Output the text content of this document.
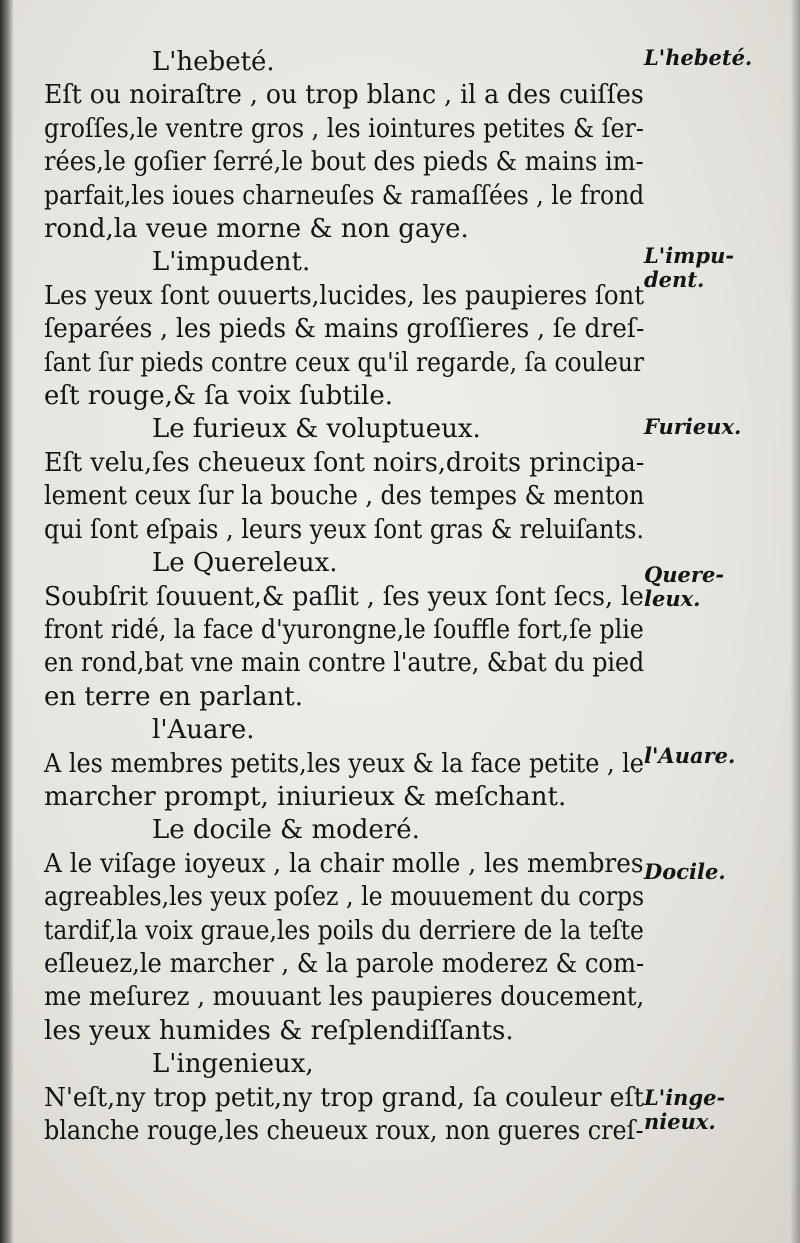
L'hebeté.

Eſt ou noiraſtre , ou trop blanc , il a des cuiſſes
groſſes,le ventre gros , les iointures petites & ſer-
rées,le goſier ſerré,le bout des pieds & mains im-
parfait,les ioues charneuſes & ramaſſées , le frond
rond,la veue morne & non gaye.

L'impudent.

Les yeux ſont ouuerts,lucides, les paupieres ſont
ſeparées , les pieds & mains groſſieres , ſe dreſ-
ſant ſur pieds contre ceux qu'il regarde, ſa couleur
eſt rouge,& ſa voix ſubtile.

Le furieux & voluptueux.

Eſt velu,ſes cheueux ſont noirs,droits principa-
lement ceux ſur la bouche , des tempes & menton
qui ſont eſpais , leurs yeux ſont gras & reluiſants.

Le Quereleux.

Soubſrit ſouuent,& paſlit , ſes yeux ſont ſecs, le
front ridé, la face d'yurongne,le ſouffle fort,ſe plie
en rond,bat vne main contre l'autre, &bat du pied
en terre en parlant.

l'Auare.

A les membres petits,les yeux & la face petite , le
marcher prompt, iniurieux & meſchant.

Le docile & moderé.

A le viſage ioyeux , la chair molle , les membres
agreables,les yeux poſez , le mouuement du corps
tardif,la voix graue,les poils du derriere de la teſte
eſleuez,le marcher , & la parole moderez & com-
me meſurez , mouuant les paupieres doucement,
les yeux humides & reſplendiſſants.

L'ingenieux,

N'eſt,ny trop petit,ny trop grand, ſa couleur eſt
blanche rouge,les cheueux roux, non gueres creſ-

L'hebeté.
L'impu-
dent.
Furieux.
Quere-
leux.
l'Auare.
Docile.
L'inge-
nieux.
